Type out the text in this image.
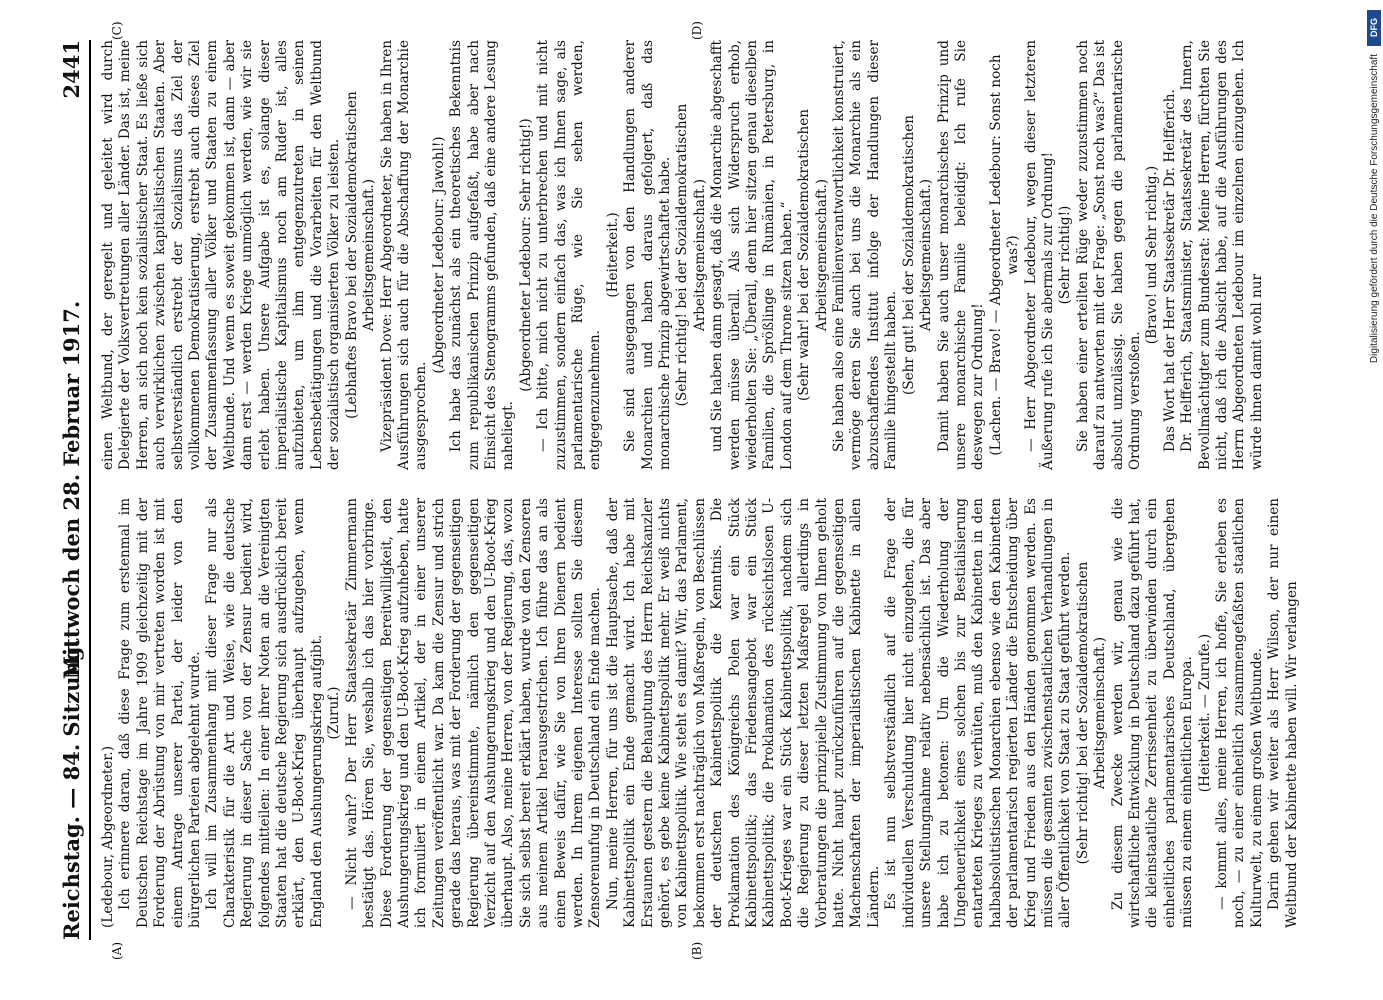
Reichstag. — 84. Sitzung.
Mittwoch den 28. Februar 1917.
2441
(A)	(B)
(C)	(D)

(Ledebour, Abgeordneter.) Ich erinnere daran, daß diese Frage zum erstenmal im Deutschen Reichstage im Jahre 1909 gleichzeitig mit der Forderung der Abrüstung von mir vertreten worden ist mit einem Antrage unserer Partei, der leider von den bürgerlichen Parteien abgelehnt wurde. Ich will im Zusammenhang mit dieser Frage nur als Charakteristik für die Art und Weise, wie die deutsche Regierung in dieser Sache von der Zensur bedient wird, folgendes mitteilen: In einer ihrer Noten an die Vereinigten Staaten hat die deutsche Regierung sich ausdrücklich bereit erklärt, den U-Boot-Krieg überhaupt aufzugeben, wenn England den Aushungerungskrieg aufgibt. (Zuruf.) — Nicht wahr? Der Herr Staatssekretär Zimmermann bestätigt das. Hören Sie, weshalb ich das hier vorbringe. Diese Forderung der gegenseitigen Bereitwilligkeit, den Aushungerungskrieg und den U-Boot-Krieg aufzuheben, hatte ich formuliert in einem Artikel, der in einer unserer Zeitungen veröffentlicht war. Da kam die Zensur und strich gerade das heraus, was mit der Forderung der gegenseitigen Regierung übereinstimmte, nämlich den gegenseitigen Verzicht auf den Aushungerungskrieg und den U-Boot-Krieg überhaupt. Also, meine Herren, von der Regierung, das, wozu Sie sich selbst bereit erklärt haben, wurde von den Zensoren aus meinem Artikel herausgestrichen. Ich führe das an als einen Beweis dafür, wie Sie von Ihren Dienern bedient werden. In Ihrem eigenen Interesse sollten Sie diesem Zensorenunfug in Deutschland ein Ende machen. Nun, meine Herren, für uns ist die Hauptsache, daß der Kabinettspolitik ein Ende gemacht wird. Ich habe mit Erstaunen gestern die Behauptung des Herrn Reichskanzler gehört, es gebe keine Kabinettspolitik mehr. Er weiß nichts von Kabinettspolitik. Wie steht es damit? Wir, das Parlament, bekommen erst nachträglich von Maßregeln, von Beschlüssen der deutschen Kabinettspolitik die Kenntnis. Die Proklamation des Königreichs Polen war ein Stück Kabinettspolitik; das Friedensangebot war ein Stück Kabinettspolitik; die Proklamation des rücksichtslosen U-Boot-Krieges war ein Stück Kabinettspolitik, nachdem sich die Regierung zu dieser letzten Maßregel allerdings in Vorberatungen die prinzipielle Zustimmung von Ihnen geholt hatte. Nicht haupt zurückzuführen auf die gegenseitigen Machenschaften der imperialistischen Kabinette in allen Ländern. Es ist nun selbstverständlich auf die Frage der individuellen Verschuldung hier nicht einzugehen, die für unsere Stellungnahme relativ nebensächlich ist. Das aber habe ich zu betonen: Um die Wiederholung der Ungeheuerlichkeit eines solchen bis zur Bestialisierung entarteten Krieges zu verhüten, muß den Kabinetten in den halbabsolutistischen Monarchien ebenso wie den Kabinetten der parlamentarisch regierten Länder die Entscheidung über Krieg und Frieden aus den Händen genommen werden. Es müssen die gesamten zwischenstaatlichen Verhandlungen in aller Öffentlichkeit von Staat zu Staat geführt werden. (Sehr richtig! bei der Sozialdemokratischen Arbeitsgemeinschaft.) Zu diesem Zwecke werden wir, genau wie die wirtschaftliche Entwicklung in Deutschland dazu geführt hat, die kleinstaatliche Zerrissenheit zu überwinden durch ein einheitliches parlamentarisches Deutschland, übergehen müssen zu einem einheitlichen Europa. (Heiterkeit. — Zurufe.) — kommt alles, meine Herren, ich hoffe, Sie erleben es noch, — zu einer einheitlich zusammengefaßten staatlichen Kulturwelt, zu einem großen Weltbunde. Darin gehen wir weiter als Herr Wilson, der nur einen Weltbund der Kabinette haben will. Wir verlangen

einen Weltbund, der geregelt und geleitet wird durch Delegierte der Volksvertretungen aller Länder. Das ist, meine Herren, an sich noch kein sozialistischer Staat. Es ließe sich auch verwirklichen zwischen kapitalistischen Staaten. Aber selbstverständlich erstrebt der Sozialismus das Ziel der vollkommenen Demokratisierung, erstrebt auch dieses Ziel der Zusammenfassung aller Völker und Staaten zu einem Weltbunde. Und wenn es soweit gekommen ist, dann — aber dann erst — werden Kriege unmöglich werden, wie wir sie erlebt haben. Unsere Aufgabe ist es, solange dieser imperialistische Kapitalismus noch am Ruder ist, alles aufzubieten, um ihm entgegenzutreten in seinen Lebensbetätigungen und die Vorarbeiten für den Weltbund der sozialistisch organisierten Völker zu leisten. (Lebhaftes Bravo bei der Sozialdemokratischen Arbeitsgemeinschaft.) Vizepräsident Dove: Herr Abgeordneter, Sie haben in Ihren Ausführungen sich auch für die Abschaffung der Monarchie ausgesprochen.

(Abgeordneter Ledebour: Jawohl!) Ich habe das zunächst als ein theoretisches Bekenntnis zum republikanischen Prinzip aufgefaßt, habe aber nach Einsicht des Stenogramms gefunden, daß eine andere Lesung naheliegt.

(Abgeordneter Ledebour: Sehr richtig!) — Ich bitte, mich nicht zu unterbrechen und mit nicht zuzustimmen, sondern einfach das, was ich Ihnen sage, als parlamentarische Rüge, wie Sie sehen werden, entgegenzunehmen.

(Heiterkeit.) Sie sind ausgegangen von den Handlungen anderer Monarchien und haben daraus gefolgert, daß das monarchische Prinzip abgewirtschaftet habe. (Sehr richtig! bei der Sozialdemokratischen Arbeitsgemeinschaft.) und Sie haben dann gesagt, daß die Monarchie abgeschafft werden müsse überall. Als sich Widerspruch erhob, wiederholten Sie: „Überall, denn hier sitzen genau dieselben Familien, die Sprößlinge in Rumänien, in Petersburg, in London auf dem Throne sitzen haben.“ (Sehr wahr! bei der Sozialdemokratischen Arbeitsgemeinschaft.) Sie haben also eine Familienverantwortlichkeit konstruiert, vermöge deren Sie auch bei uns die Monarchie als ein abzuschaffendes Institut infolge der Handlungen dieser Familie hingestellt haben. (Sehr gut! bei der Sozialdemokratischen Arbeitsgemeinschaft.) Damit haben Sie auch unser monarchisches Prinzip und unsere monarchische Familie beleidigt: Ich rufe Sie deswegen zur Ordnung! (Lachen. — Bravo! — Abgeordneter Ledebour: Sonst noch was?) — Herr Abgeordneter Ledebour, wegen dieser letzteren Äußerung rufe ich Sie abermals zur Ordnung! (Sehr richtig!) Sie haben einer erteilten Rüge weder zuzustimmen noch darauf zu antworten mit der Frage: „Sonst noch was?“ Das ist absolut unzulässig. Sie haben gegen die parlamentarische Ordnung verstoßen.

(Bravo! und Sehr richtig.) Das Wort hat der Herr Staatssekretär Dr. Helfferich. Dr. Helfferich, Staatsminister, Staatssekretär des Innern, Bevollmächtigter zum Bundesrat: Meine Herren, fürchten Sie nicht, daß ich die Absicht habe, auf die Ausführungen des Herrn Abgeordneten Ledebour im einzelnen einzugehen. Ich würde ihnen damit wohl nur

DFG
Digitalisierung gefördert durch die Deutsche Forschungsgemeinschaft
